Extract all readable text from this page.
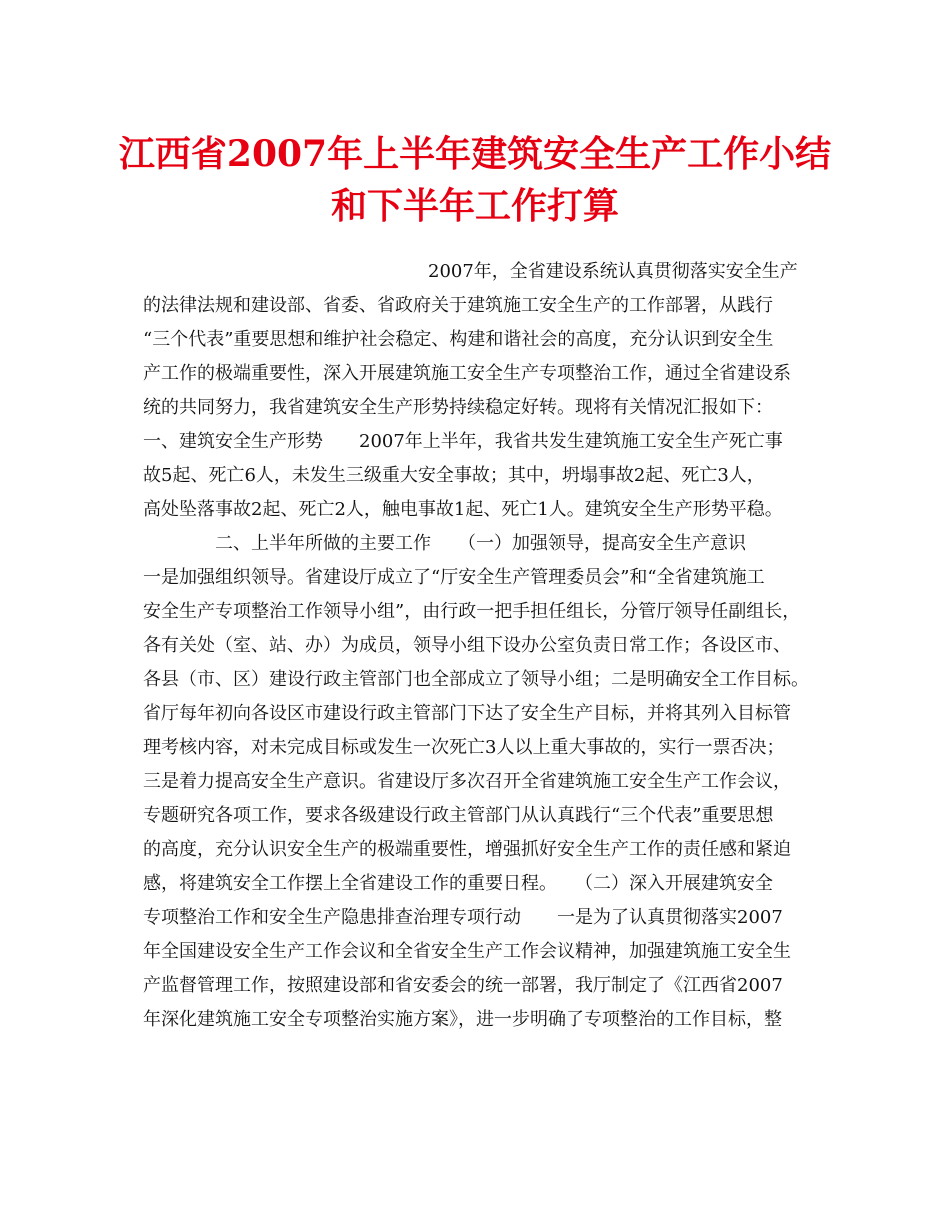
江西省2007年上半年建筑安全生产工作小结
和下半年工作打算
2007年，全省建设系统认真贯彻落实安全生产
的法律法规和建设部、省委、省政府关于建筑施工安全生产的工作部署，从践行
“三个代表”重要思想和维护社会稳定、构建和谐社会的高度，充分认识到安全生
产工作的极端重要性，深入开展建筑施工安全生产专项整治工作，通过全省建设系
统的共同努力，我省建筑安全生产形势持续稳定好转。现将有关情况汇报如下：
一、建筑安全生产形势　　2007年上半年，我省共发生建筑施工安全生产死亡事
故5起、死亡6人，未发生三级重大安全事故；其中，坍塌事故2起、死亡3人，
高处坠落事故2起、死亡2人，触电事故1起、死亡1人。建筑安全生产形势平稳。
二、上半年所做的主要工作　　（一）加强领导，提高安全生产意识
一是加强组织领导。省建设厅成立了“厅安全生产管理委员会”和“全省建筑施工
安全生产专项整治工作领导小组”，由行政一把手担任组长，分管厅领导任副组长，
各有关处（室、站、办）为成员，领导小组下设办公室负责日常工作；各设区市、
各县（市、区）建设行政主管部门也全部成立了领导小组；二是明确安全工作目标。
省厅每年初向各设区市建设行政主管部门下达了安全生产目标，并将其列入目标管
理考核内容，对未完成目标或发生一次死亡3人以上重大事故的，实行一票否决；
三是着力提高安全生产意识。省建设厅多次召开全省建筑施工安全生产工作会议，
专题研究各项工作，要求各级建设行政主管部门从认真践行“三个代表”重要思想
的高度，充分认识安全生产的极端重要性，增强抓好安全生产工作的责任感和紧迫
感，将建筑安全工作摆上全省建设工作的重要日程。　　（二）深入开展建筑安全
专项整治工作和安全生产隐患排查治理专项行动　　一是为了认真贯彻落实2007
年全国建设安全生产工作会议和全省安全生产工作会议精神，加强建筑施工安全生
产监督管理工作，按照建设部和省安委会的统一部署，我厅制定了《江西省2007
年深化建筑施工安全专项整治实施方案》，进一步明确了专项整治的工作目标，整
